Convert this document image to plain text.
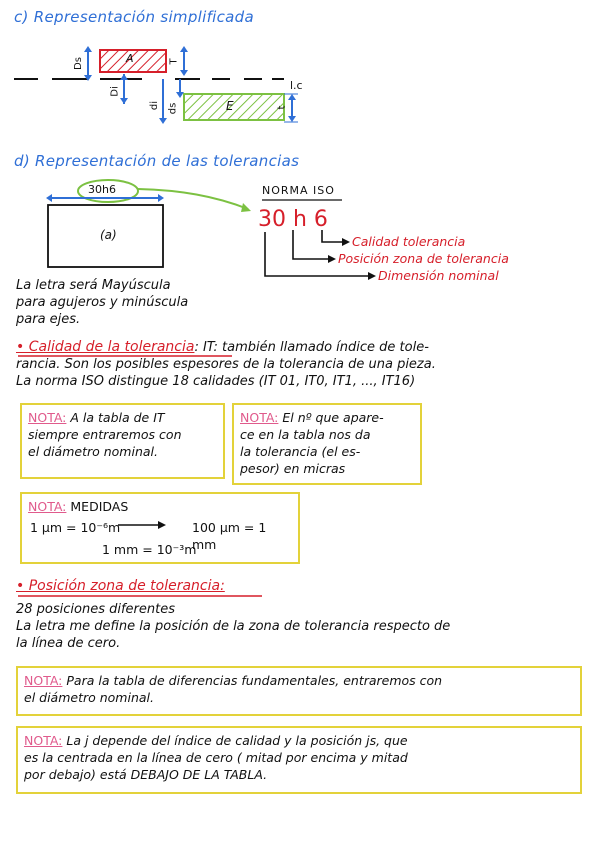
c) Representación simplificada
A
E
Ds
Di
T
di ds	t
l.c
d) Representación de las tolerancias
30h6
(a)
NORMA ISO
30 h 6
Calidad tolerancia
Posición zona de tolerancia
Dimensión nominal
La letra será Mayúscula
para agujeros y minúscula
para ejes.
• Calidad de la tolerancia: IT: también llamado índice de tole-
rancia. Son los posibles espesores de la tolerancia de una pieza.
La norma ISO distingue 18 calidades (IT 01, IT0, IT1, ..., IT16)
NOTA: A la tabla de IT
siempre entraremos con
el diámetro nominal.
NOTA: El nº que apare-
ce en la tabla nos da
la tolerancia (el es-
pesor) en micras
NOTA: MEDIDAS
1 µm = 10⁻⁶m	100 µm = 1 mm
1 mm = 10⁻³m
• Posición zona de tolerancia:
28 posiciones diferentes
La letra me define la posición de la zona de tolerancia respecto de
la línea de cero.
NOTA: Para la tabla de diferencias fundamentales, entraremos con
el diámetro nominal.
NOTA: La j depende del índice de calidad y la posición js, que
es la centrada en la línea de cero ( mitad por encima y mitad
por debajo) está DEBAJO DE LA TABLA.
